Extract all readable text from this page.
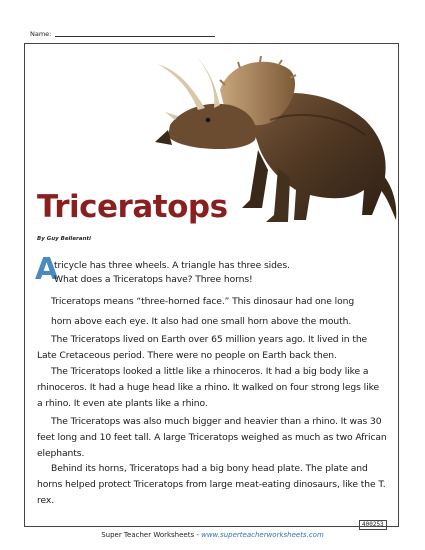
Name:
Triceratops
By Guy Belleranti
A
tricycle has three wheels. A triangle has three sides.
What does a Triceratops have? Three horns!
Triceratops means “three-horned face.” This dinosaur had one long
horn above each eye. It also had one small horn above the mouth.
The Triceratops lived on Earth over 65 million years ago. It lived in the Late Cretaceous period. There were no people on Earth back then.
The Triceratops looked a little like a rhinoceros. It had a big body like a rhinoceros. It had a huge head like a rhino. It walked on four strong legs like a rhino. It even ate plants like a rhino.
The Triceratops was also much bigger and heavier than a rhino. It was 30 feet long and 10 feet tall. A large Triceratops weighed as much as two African elephants.
Behind its horns, Triceratops had a big bony head plate. The plate and horns helped protect Triceratops from large meat-eating dinosaurs, like the T. rex.
Super Teacher Worksheets - www.superteacherworksheets.com
400253
